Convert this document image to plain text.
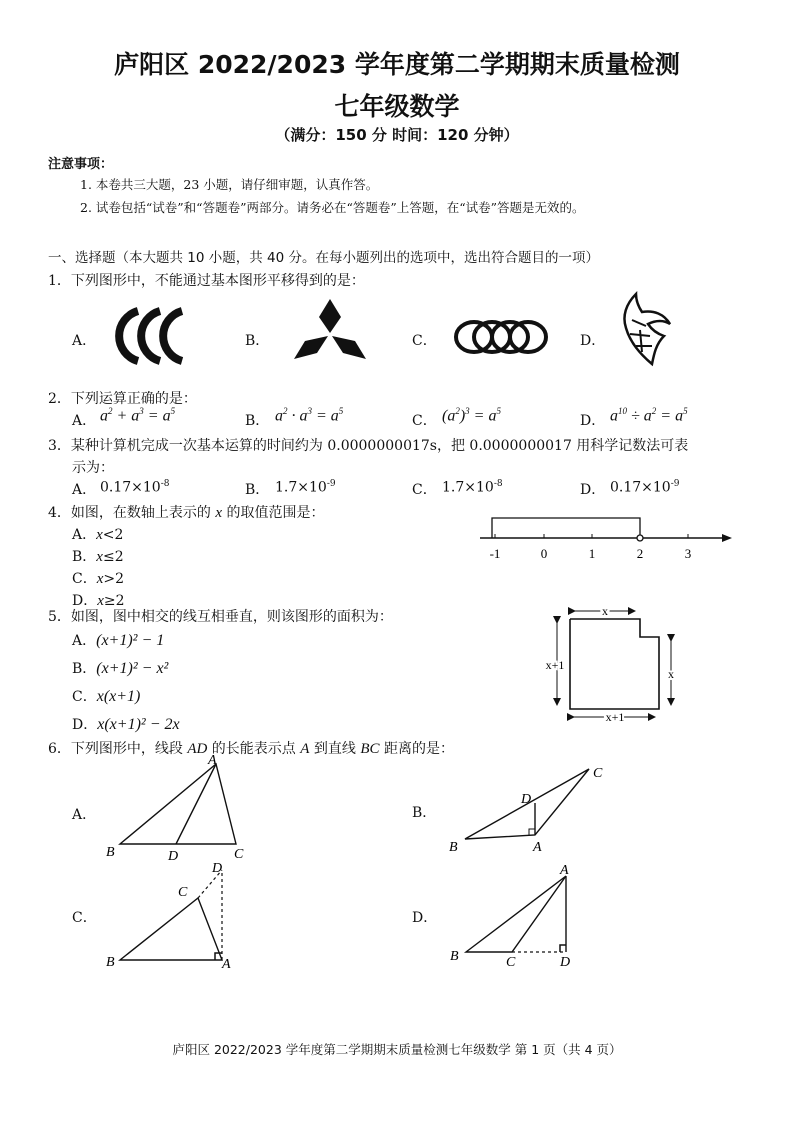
庐阳区 2022/2023 学年度第二学期期末质量检测
七年级数学
（满分：150 分 时间：120 分钟）
注意事项：
1. 本卷共三大题，23 小题，请仔细审题，认真作答。
2. 试卷包括“试卷”和“答题卷”两部分。请务必在“答题卷”上答题，在“试卷”答题是无效的。
一、选择题（本大题共 10 小题，共 40 分。在每小题列出的选项中，选出符合题目的一项）
1．下列图形中，不能通过基本图形平移得到的是：
A．	B．	C．	D．
2．下列运算正确的是：
A．	B．	C．	D．
$a^2 + a^3 = a^5$	$a^2 \cdot a^3 = a^5$	$(a^2)^3 = a^5$	$a^{10} \div a^2 = a^5$
3．某种计算机完成一次基本运算的时间约为 0.0000000017s，把 0.0000000017 用科学记数法可表
示为：
A． $0.17\times 10^{-8}$	B． $1.7\times 10^{-9}$	C． $1.7\times 10^{-8}$	D． $0.17\times 10^{-9}$
4．如图，在数轴上表示的 x 的取值范围是：
A．x<2
B．x≤2
C．x>2
D．x≥2
-1	0	1	2	3
5．如图，图中相交的线互相垂直，则该图形的面积为：
A．(x+1)² − 1
B．(x+1)² − x²
C．x(x+1)
D．x(x+1)² − 2x
x
x+1
x
x+1
6．下列图形中，线段 AD 的长能表示点 A 到直线 BC 距离的是：
A．	B．
C．	D．
A
B	D	C
C
D
B	A
C
D
B	A
A
B	C	D
庐阳区 2022/2023 学年度第二学期期末质量检测七年级数学 第 1 页（共 4 页）
